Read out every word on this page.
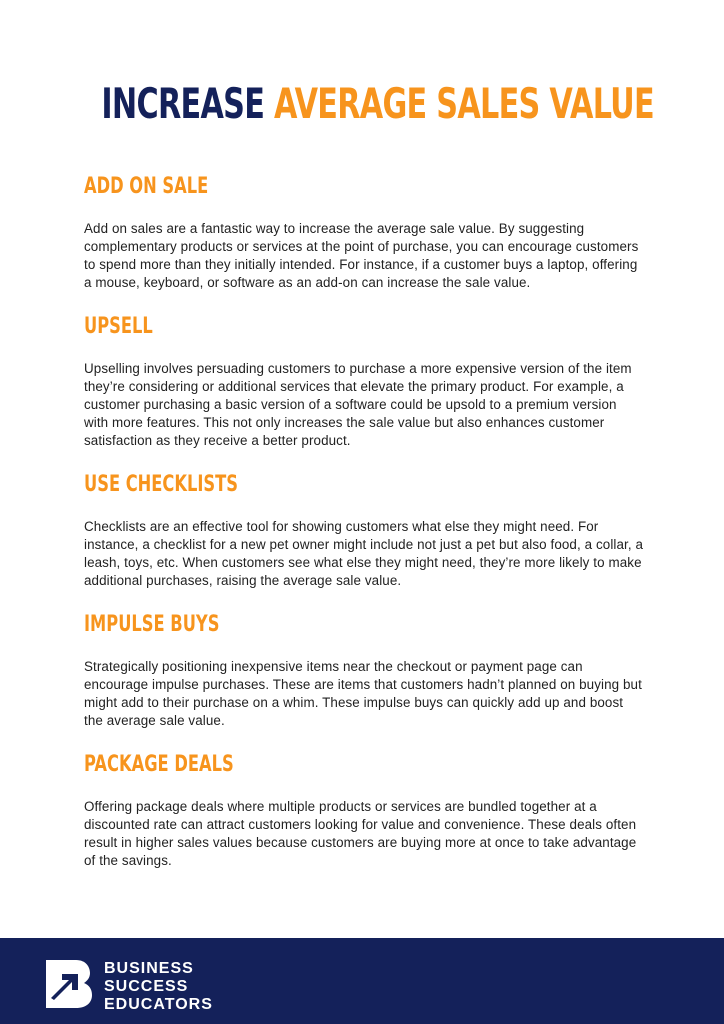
INCREASE AVERAGE SALES VALUE
ADD ON SALE

Add on sales are a fantastic way to increase the average sale value. By suggesting complementary products or services at the point of purchase, you can encourage customers to spend more than they initially intended. For instance, if a customer buys a laptop, offering a mouse, keyboard, or software as an add-on can increase the sale value.

UPSELL

Upselling involves persuading customers to purchase a more expensive version of the item they’re considering or additional services that elevate the primary product. For example, a customer purchasing a basic version of a software could be upsold to a premium version with more features. This not only increases the sale value but also enhances customer satisfaction as they receive a better product.

USE CHECKLISTS

Checklists are an effective tool for showing customers what else they might need. For instance, a checklist for a new pet owner might include not just a pet but also food, a collar, a leash, toys, etc. When customers see what else they might need, they’re more likely to make additional purchases, raising the average sale value.

IMPULSE BUYS

Strategically positioning inexpensive items near the checkout or payment page can encourage impulse purchases. These are items that customers hadn’t planned on buying but might add to their purchase on a whim. These impulse buys can quickly add up and boost the average sale value.

PACKAGE DEALS

Offering package deals where multiple products or services are bundled together at a discounted rate can attract customers looking for value and convenience. These deals often result in higher sales values because customers are buying more at once to take advantage of the savings.

BUSINESS
SUCCESS
EDUCATORS
